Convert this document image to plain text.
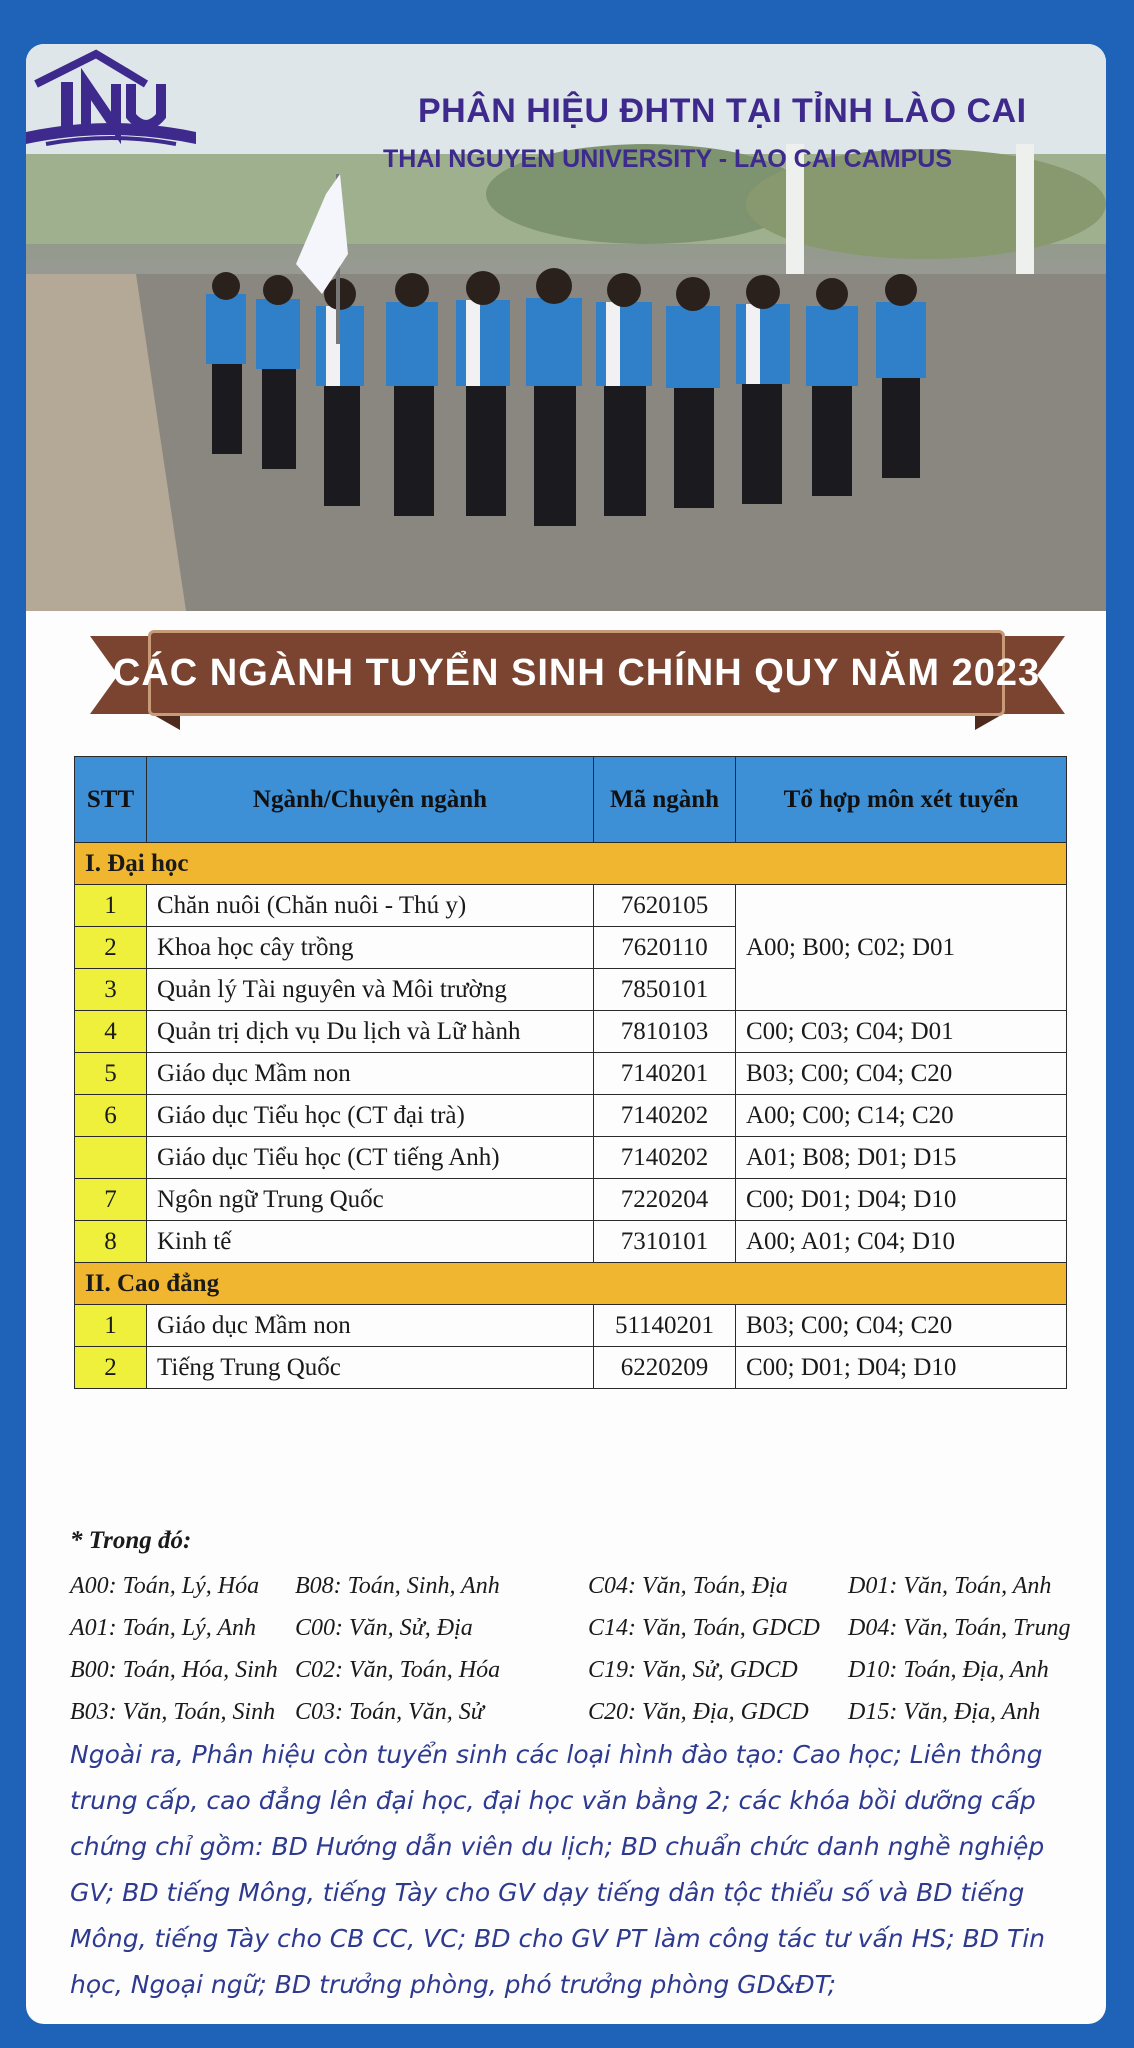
PHÂN HIỆU ĐHTN TẠI TỈNH LÀO CAI
THAI NGUYEN UNIVERSITY - LAO CAI CAMPUS
CÁC NGÀNH TUYỂN SINH CHÍNH QUY NĂM 2023
STT	Ngành/Chuyên ngành	Mã ngành	Tổ hợp môn xét tuyển
I. Đại học			
1	Chăn nuôi (Chăn nuôi - Thú y)	7620105	A00; B00; C02; D01
2	Khoa học cây trồng	7620110	
3	Quản lý Tài nguyên và Môi trường	7850101	
4	Quản trị dịch vụ Du lịch và Lữ hành	7810103	C00; C03; C04; D01
5	Giáo dục Mầm non	7140201	B03; C00; C04; C20
6	Giáo dục Tiểu học (CT đại trà)	7140202	A00; C00; C14; C20
	Giáo dục Tiểu học (CT tiếng Anh)	7140202	A01; B08; D01; D15
7	Ngôn ngữ Trung Quốc	7220204	C00; D01; D04; D10
8	Kinh tế	7310101	A00; A01; C04; D10
II. Cao đẳng			
1	Giáo dục Mầm non	51140201	B03; C00; C04; C20
2	Tiếng Trung Quốc	6220209	C00; D01; D04; D10
* Trong đó:
A00: Toán, Lý, Hóa
A01: Toán, Lý, Anh
B00: Toán, Hóa, Sinh
B03: Văn, Toán, Sinh
B08: Toán, Sinh, Anh
C00: Văn, Sử, Địa
C02: Văn, Toán, Hóa
C03: Toán, Văn, Sử
C04: Văn, Toán, Địa
C14: Văn, Toán, GDCD
C19: Văn, Sử, GDCD
C20: Văn, Địa, GDCD
D01: Văn, Toán, Anh
D04: Văn, Toán, Trung
D10: Toán, Địa, Anh
D15: Văn, Địa, Anh
Ngoài ra, Phân hiệu còn tuyển sinh các loại hình đào tạo: Cao học; Liên thông trung cấp, cao đẳng lên đại học, đại học văn bằng 2; các khóa bồi dưỡng cấp chứng chỉ gồm: BD Hướng dẫn viên du lịch; BD chuẩn chức danh nghề nghiệp GV; BD tiếng Mông, tiếng Tày cho GV dạy tiếng dân tộc thiểu số và BD tiếng Mông, tiếng Tày cho CB CC, VC; BD cho GV PT làm công tác tư vấn HS; BD Tin học, Ngoại ngữ; BD trưởng phòng, phó trưởng phòng GD&ĐT;
